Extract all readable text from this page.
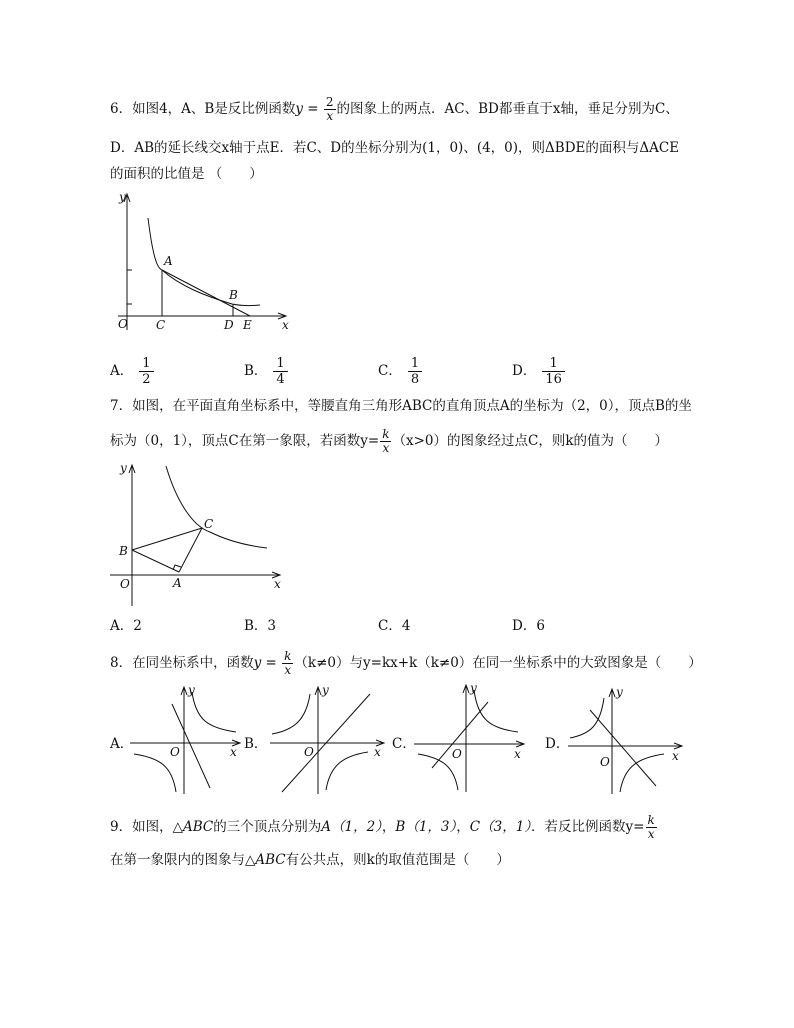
6．如图4，A、B是反比例函数$y = \frac{2}{x}$ 的图象上的两点．AC、BD都垂直于x轴，垂足分别为C、
D．AB的延长线交x轴于点E．若C、D的坐标分别为(1，0)、(4，0)，则ΔBDE的面积与ΔACE
的面积的比值是 （　　）
y
x
O
A
B
C	D E
A． $\frac{1}{2}$	B． $\frac{1}{4}$	C． $\frac{1}{8}$	D． $\frac{1}{16}$
7．如图，在平面直角坐标系中，等腰直角三角形ABC的直角顶点A的坐标为（2，0），顶点B的坐
标为（0，1），顶点C在第一象限，若函数$y= \frac{k}{x} (x>0)$的图象经过点C，则k的值为（　　）
y
x
O	A
B
C
A．2	B．3	C．4	D．6
8．在同坐标系中，函数$y = \frac{k}{x} (k\ne 0)$与y=kx+k（k≠0）在同一坐标系中的大致图象是（　　）
A．
y
x
O	B．
y
x
O	C．
y
x
O
D．
y
x
O
9．如图，△ABC的三个顶点分别为A（1，2），B（1，3），C（3，1）．若反比例函数$y= \frac{k}{x}$
在第一象限内的图象与△ABC有公共点，则k的取值范围是（　　）
